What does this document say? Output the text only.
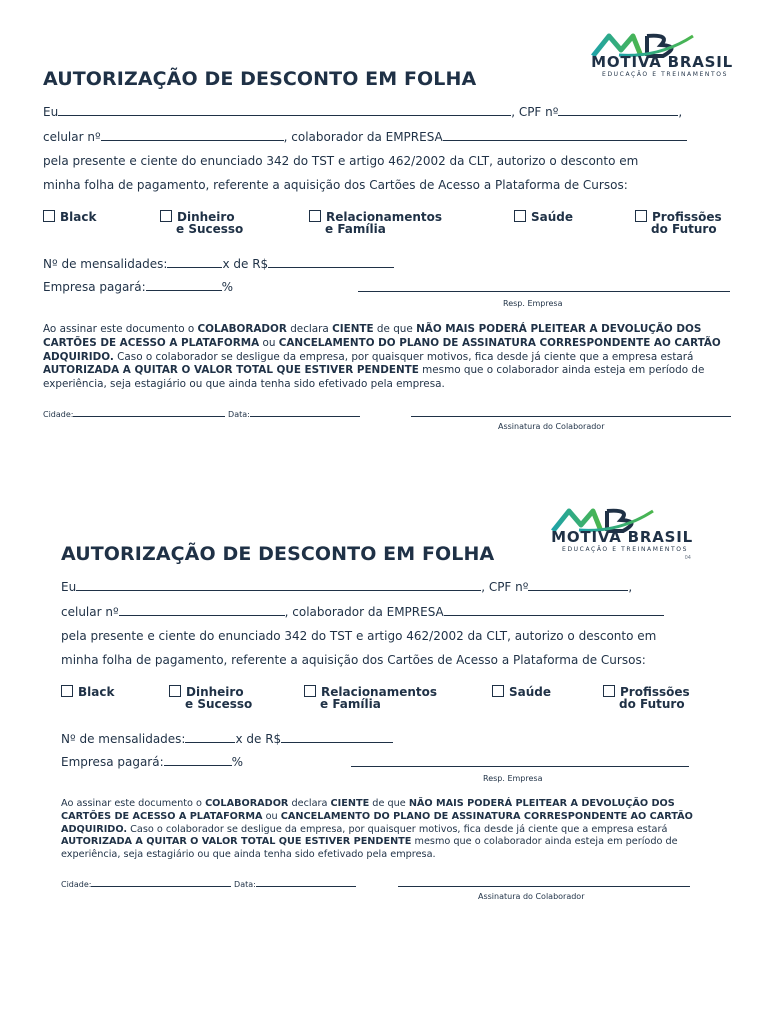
AUTORIZAÇÃO DE DESCONTO EM FOLHA
MOTIVA BRASIL
EDUCAÇÃO E TREINAMENTOS
Eu	, CPF nº	,
celular nº	, colaborador da EMPRESA
pela presente e ciente do enunciado 342 do TST e artigo 462/2002 da CLT, autorizo o desconto em
minha folha de pagamento, referente a aquisição dos Cartões de Acesso a Plataforma de Cursos:
Black	Dinheiro
e Sucesso
Relacionamentos
e Família
Saúde	Profissões
do Futuro
Nº de mensalidades:	x de R$
Empresa pagará:	%
Resp. Empresa
Ao assinar este documento o COLABORADOR declara CIENTE de que NÃO MAIS PODERÁ PLEITEAR A DEVOLUÇÃO DOS CARTÕES DE ACESSO A PLATAFORMA ou CANCELAMENTO DO PLANO DE ASSINATURA CORRESPONDENTE AO CARTÃO ADQUIRIDO. Caso o colaborador se desligue da empresa, por quaisquer motivos, fica desde já ciente que a empresa estará AUTORIZADA A QUITAR O VALOR TOTAL QUE ESTIVER PENDENTE mesmo que o colaborador ainda esteja em período de experiência, seja estagiário ou que ainda tenha sido efetivado pela empresa.
Cidade:	Data:
Assinatura do Colaborador
AUTORIZAÇÃO DE DESCONTO EM FOLHA
MOTIVA BRASIL
EDUCAÇÃO E TREINAMENTOS
04
Eu	, CPF nº	,
celular nº	, colaborador da EMPRESA
pela presente e ciente do enunciado 342 do TST e artigo 462/2002 da CLT, autorizo o desconto em
minha folha de pagamento, referente a aquisição dos Cartões de Acesso a Plataforma de Cursos:
Black	Dinheiro
e Sucesso
Relacionamentos
e Família
Saúde	Profissões
do Futuro
Nº de mensalidades:	x de R$
Empresa pagará:	%
Resp. Empresa
Ao assinar este documento o COLABORADOR declara CIENTE de que NÃO MAIS PODERÁ PLEITEAR A DEVOLUÇÃO DOS CARTÕES DE ACESSO A PLATAFORMA ou CANCELAMENTO DO PLANO DE ASSINATURA CORRESPONDENTE AO CARTÃO ADQUIRIDO. Caso o colaborador se desligue da empresa, por quaisquer motivos, fica desde já ciente que a empresa estará AUTORIZADA A QUITAR O VALOR TOTAL QUE ESTIVER PENDENTE mesmo que o colaborador ainda esteja em período de experiência, seja estagiário ou que ainda tenha sido efetivado pela empresa.
Cidade:	Data:
Assinatura do Colaborador
